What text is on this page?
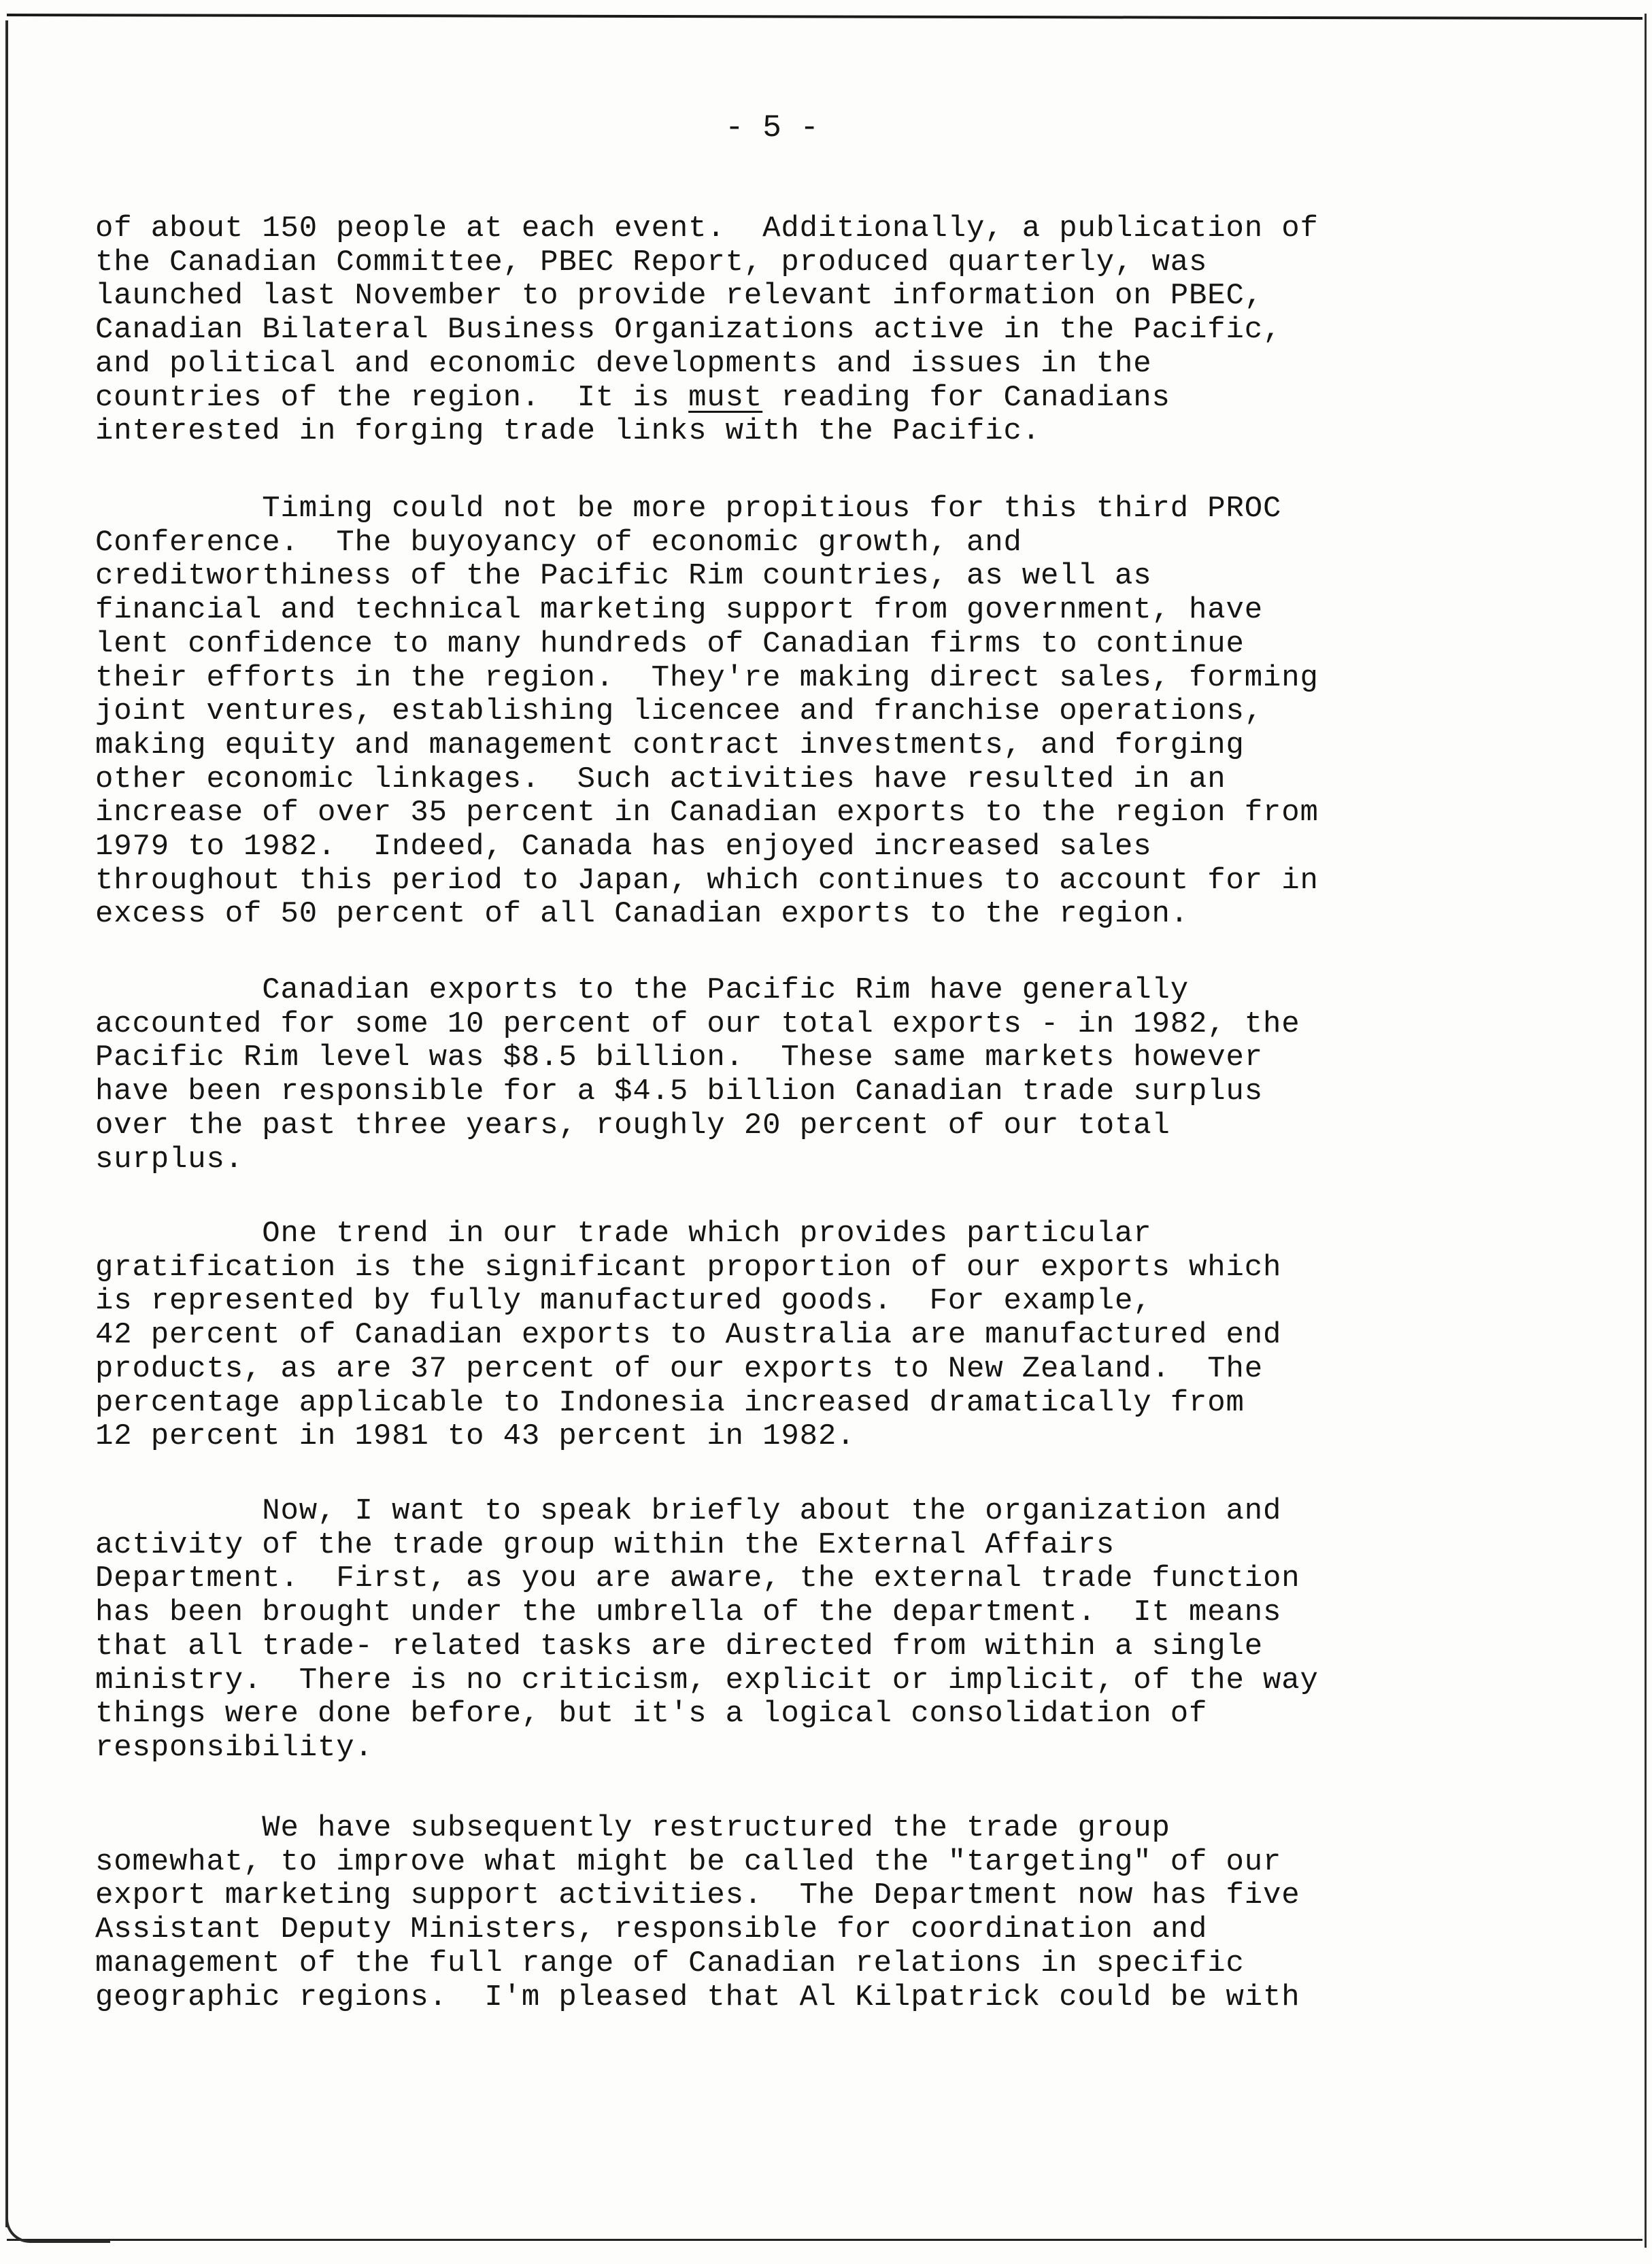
- 5 -
of about 150 people at each event.  Additionally, a publication of
the Canadian Committee, PBEC Report, produced quarterly, was
launched last November to provide relevant information on PBEC,
Canadian Bilateral Business Organizations active in the Pacific,
and political and economic developments and issues in the
countries of the region.  It is must reading for Canadians
interested in forging trade links with the Pacific.
Timing could not be more propitious for this third PROC
Conference.  The buyoyancy of economic growth, and
creditworthiness of the Pacific Rim countries, as well as
financial and technical marketing support from government, have
lent confidence to many hundreds of Canadian firms to continue
their efforts in the region.  They're making direct sales, forming
joint ventures, establishing licencee and franchise operations,
making equity and management contract investments, and forging
other economic linkages.  Such activities have resulted in an
increase of over 35 percent in Canadian exports to the region from
1979 to 1982.  Indeed, Canada has enjoyed increased sales
throughout this period to Japan, which continues to account for in
excess of 50 percent of all Canadian exports to the region.
Canadian exports to the Pacific Rim have generally
accounted for some 10 percent of our total exports - in 1982, the
Pacific Rim level was $8.5 billion.  These same markets however
have been responsible for a $4.5 billion Canadian trade surplus
over the past three years, roughly 20 percent of our total
surplus.
One trend in our trade which provides particular
gratification is the significant proportion of our exports which
is represented by fully manufactured goods.  For example,
42 percent of Canadian exports to Australia are manufactured end
products, as are 37 percent of our exports to New Zealand.  The
percentage applicable to Indonesia increased dramatically from
12 percent in 1981 to 43 percent in 1982.
Now, I want to speak briefly about the organization and
activity of the trade group within the External Affairs
Department.  First, as you are aware, the external trade function
has been brought under the umbrella of the department.  It means
that all trade- related tasks are directed from within a single
ministry.  There is no criticism, explicit or implicit, of the way
things were done before, but it's a logical consolidation of
responsibility.
We have subsequently restructured the trade group
somewhat, to improve what might be called the "targeting" of our
export marketing support activities.  The Department now has five
Assistant Deputy Ministers, responsible for coordination and
management of the full range of Canadian relations in specific
geographic regions.  I'm pleased that Al Kilpatrick could be with
